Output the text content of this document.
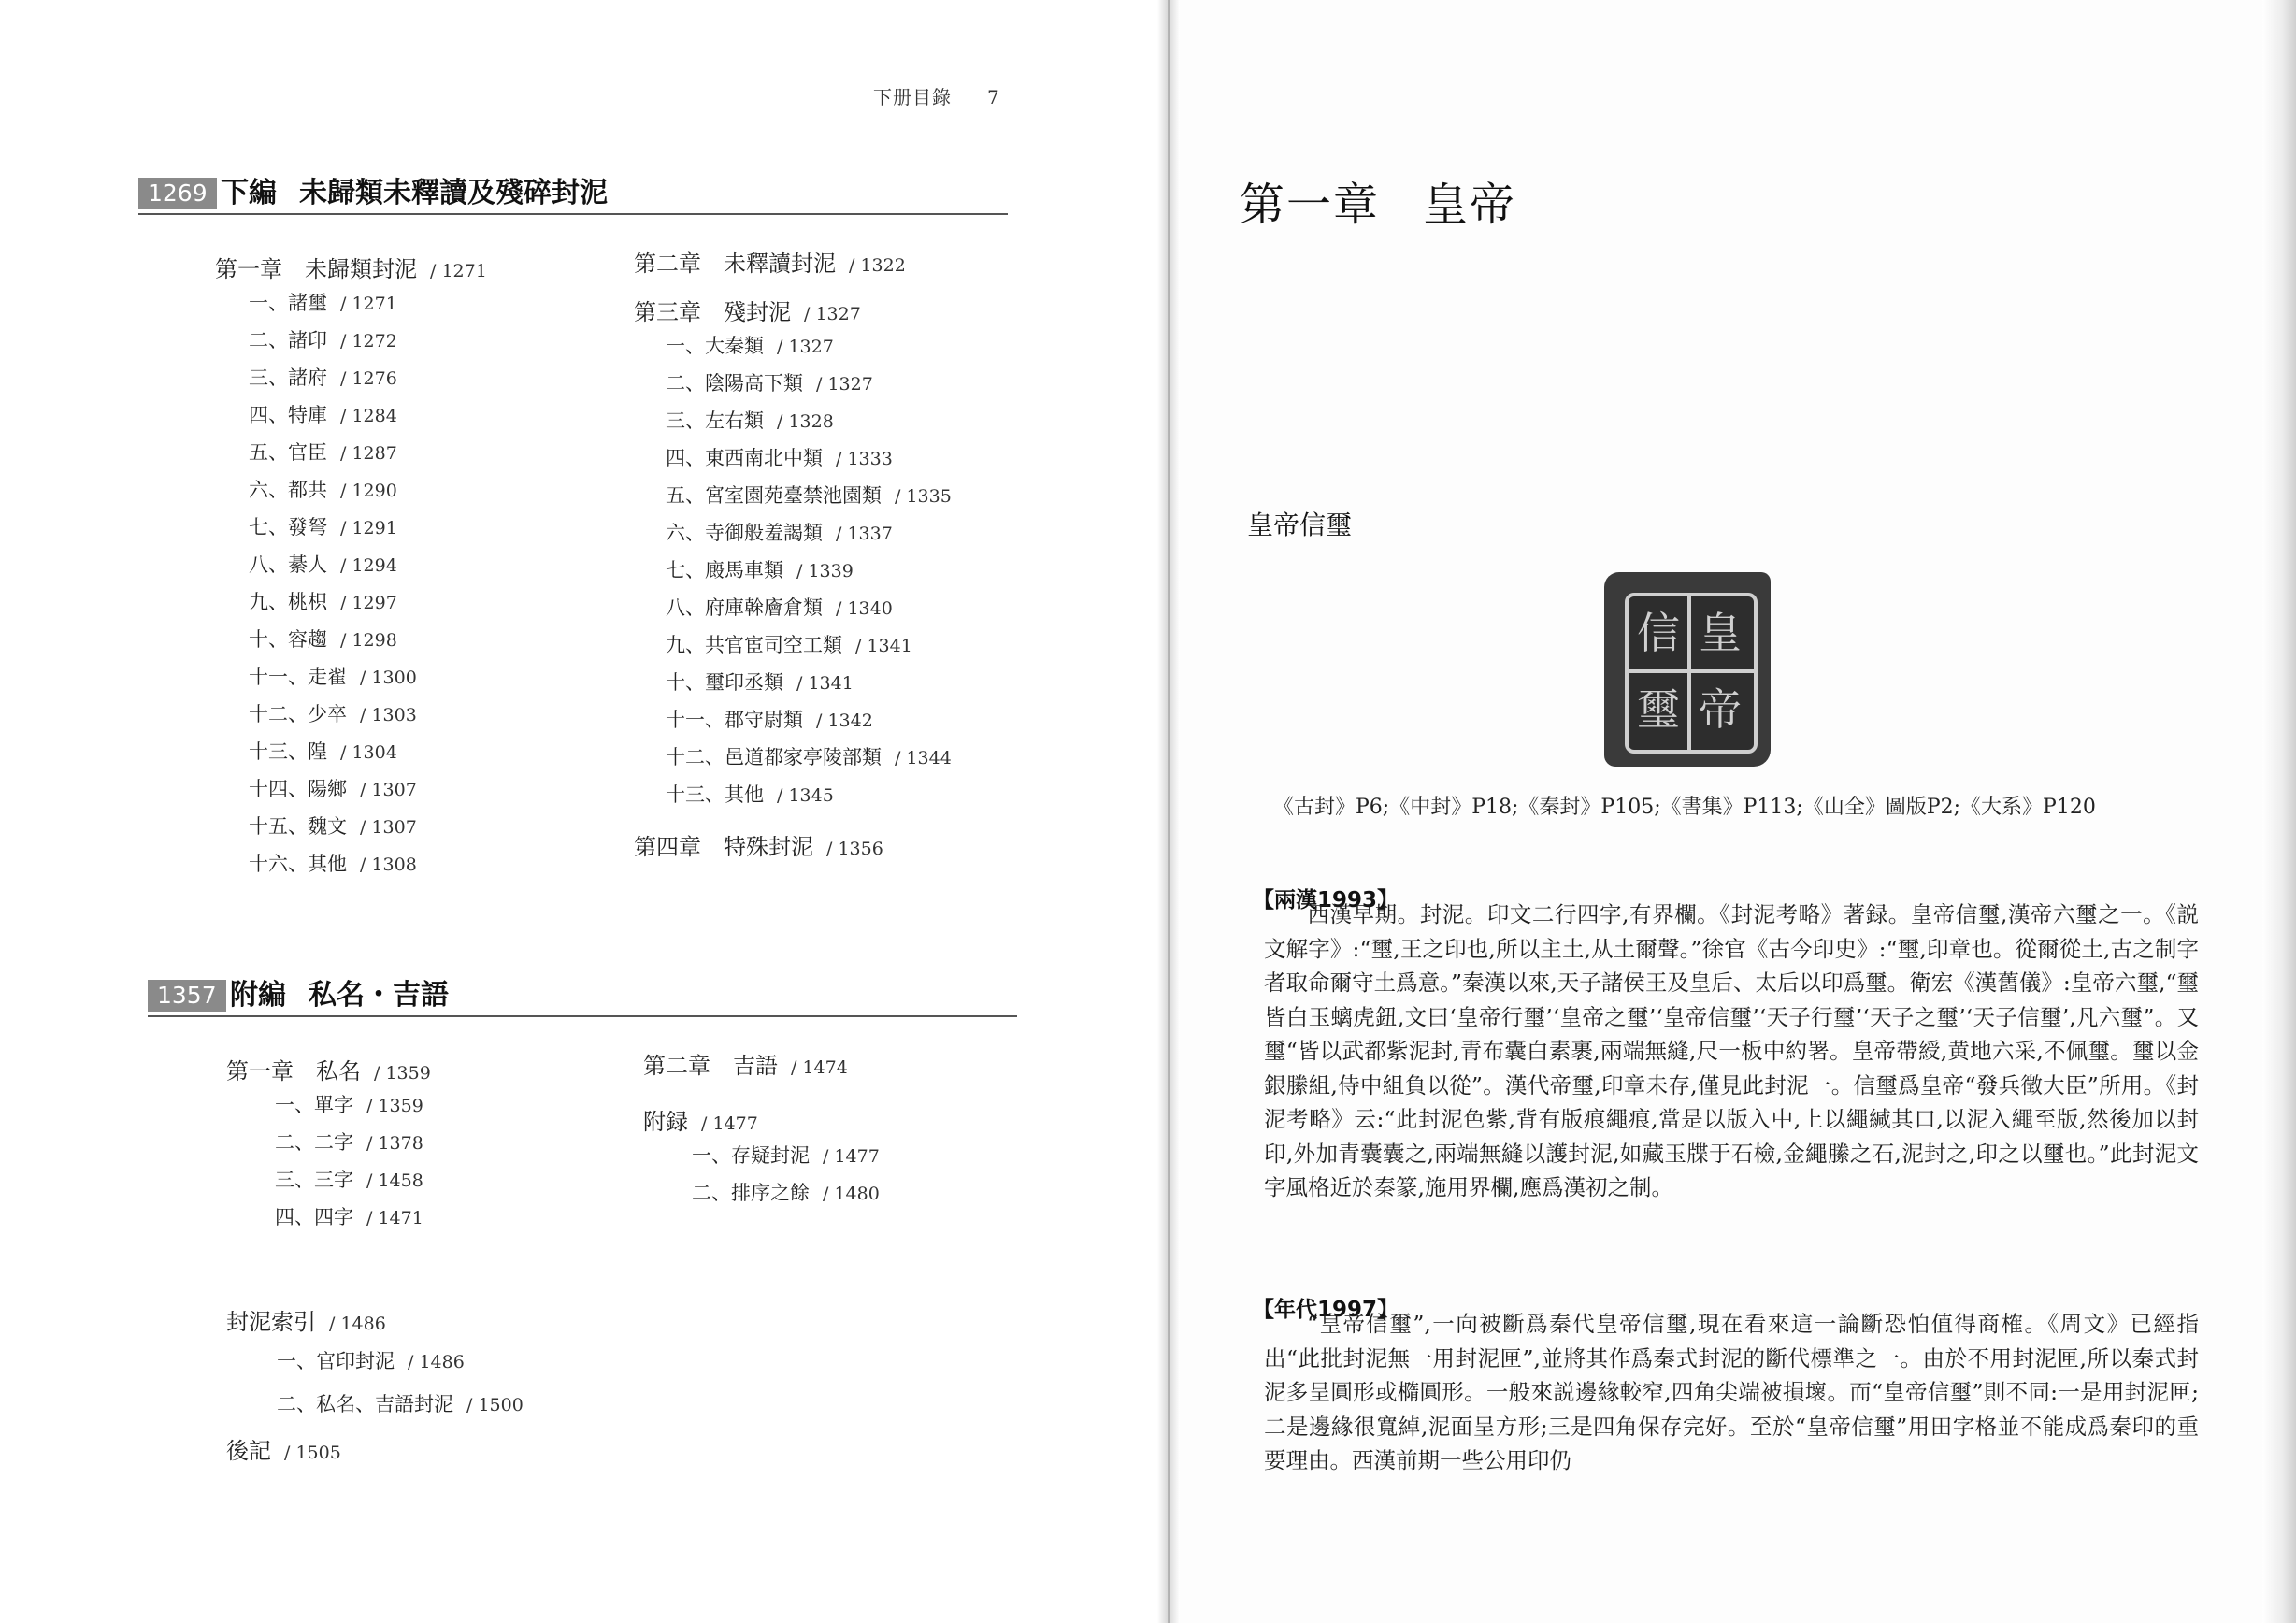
下册目錄 7
1269 下編 未歸類未釋讀及殘碎封泥
第一章　未歸類封泥 / 1271
一、諸璽 / 1271
二、諸印 / 1272
三、諸府 / 1276
四、特庫 / 1284
五、官臣 / 1287
六、都共 / 1290
七、發弩 / 1291
八、綦人 / 1294
九、桃枳 / 1297
十、容趨 / 1298
十一、走翟 / 1300
十二、少卒 / 1303
十三、隍 / 1304
十四、陽鄉 / 1307
十五、魏文 / 1307
十六、其他 / 1308
第二章　未釋讀封泥 / 1322
第三章　殘封泥 / 1327
一、大秦類 / 1327
二、陰陽高下類 / 1327
三、左右類 / 1328
四、東西南北中類 / 1333
五、宮室園苑臺禁池園類 / 1335
六、寺御般羞謁類 / 1337
七、廄馬車類 / 1339
八、府庫榦廥倉類 / 1340
九、共官宦司空工類 / 1341
十、璽印丞類 / 1341
十一、郡守尉類 / 1342
十二、邑道都家亭陵部類 / 1344
十三、其他 / 1345
第四章　特殊封泥 / 1356
1357 附編 私名・吉語
第一章　私名 / 1359
一、單字 / 1359
二、二字 / 1378
三、三字 / 1458
四、四字 / 1471
第二章　吉語 / 1474
附録 / 1477
一、存疑封泥 / 1477
二、排序之餘 / 1480
封泥索引 / 1486
一、官印封泥 / 1486
二、私名、吉語封泥 / 1500
後記 / 1505
第一章 皇帝
皇帝信璽
皇
帝
信
璽
《古封》P6;《中封》P18;《秦封》P105;《書集》P113;《山全》圖版P2;《大系》P120
【兩漢1993】

西漢早期。封泥。印文二行四字,有界欄。《封泥考略》著録。皇帝信璽,漢帝六璽之一。《説文解字》:“璽,王之印也,所以主土,从土爾聲。”徐官《古今印史》:“璽,印章也。從爾從土,古之制字者取命爾守土爲意。”秦漢以來,天子諸侯王及皇后、太后以印爲璽。衛宏《漢舊儀》:皇帝六璽,“璽皆白玉螭虎鈕,文曰‘皇帝行璽’‘皇帝之璽’‘皇帝信璽’‘天子行璽’‘天子之璽’‘天子信璽’,凡六璽”。又璽“皆以武都紫泥封,青布囊白素裹,兩端無縫,尺一板中約署。皇帝帶綬,黄地六采,不佩璽。璽以金銀縢組,侍中組負以從”。漢代帝璽,印章未存,僅見此封泥一。信璽爲皇帝“發兵徵大臣”所用。《封泥考略》云:“此封泥色紫,背有版痕繩痕,當是以版入中,上以繩緘其口,以泥入繩至版,然後加以封印,外加青囊囊之,兩端無縫以護封泥,如藏玉牒于石檢,金繩縢之石,泥封之,印之以璽也。”此封泥文字風格近於秦篆,施用界欄,應爲漢初之制。

【年代1997】

“皇帝信璽”,一向被斷爲秦代皇帝信璽,現在看來這一論斷恐怕值得商榷。《周文》已經指出“此批封泥無一用封泥匣”,並將其作爲秦式封泥的斷代標準之一。由於不用封泥匣,所以秦式封泥多呈圓形或橢圓形。一般來説邊緣較窄,四角尖端被損壞。而“皇帝信璽”則不同:一是用封泥匣;二是邊緣很寬綽,泥面呈方形;三是四角保存完好。至於“皇帝信璽”用田字格並不能成爲秦印的重要理由。西漢前期一些公用印仍
